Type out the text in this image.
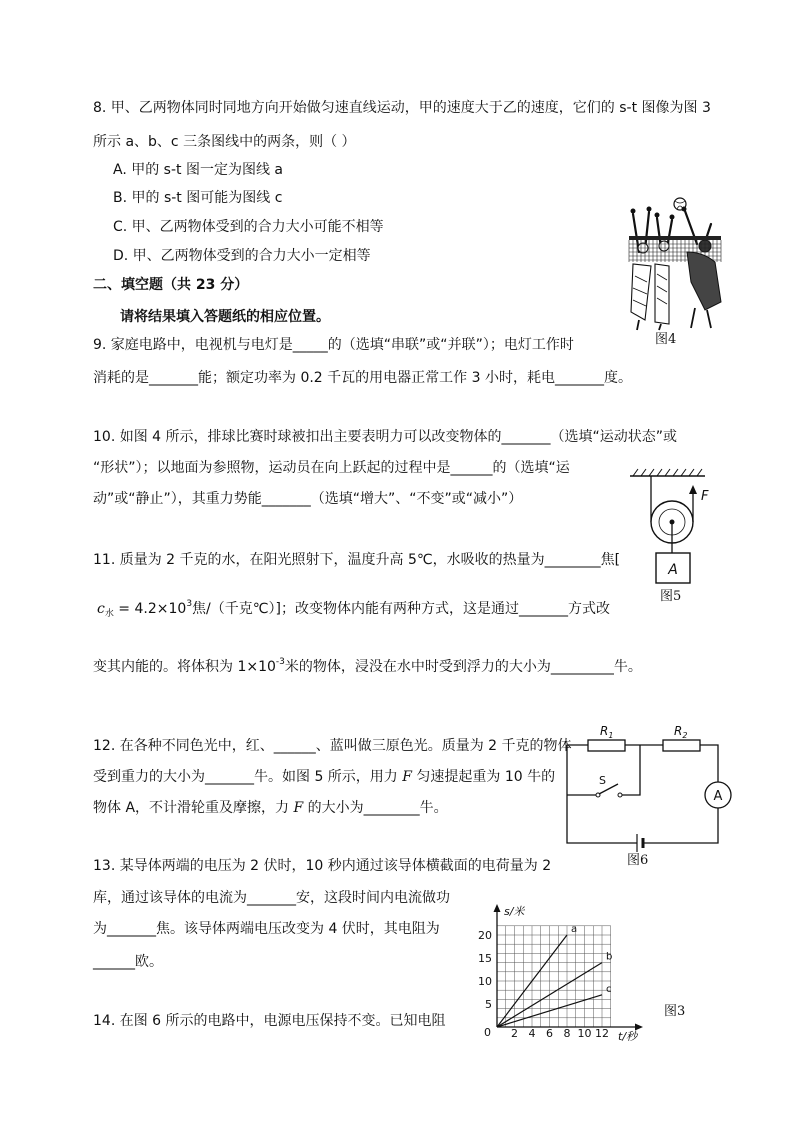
8. 甲、乙两物体同时同地方向开始做匀速直线运动，甲的速度大于乙的速度，它们的 s-t 图像为图 3
所示 a、b、c 三条图线中的两条，则（ ）
A. 甲的 s-t 图一定为图线 a
B. 甲的 s-t 图可能为图线 c
C. 甲、乙两物体受到的合力大小可能不相等
D. 甲、乙两物体受到的合力大小一定相等
二、填空题（共 23 分）
请将结果填入答题纸的相应位置。
9. 家庭电路中，电视机与电灯是_____的（选填“串联”或“并联”）；电灯工作时
消耗的是_______能；额定功率为 0.2 千瓦的用电器正常工作 3 小时，耗电_______度。
10. 如图 4 所示，排球比赛时球被扣出主要表明力可以改变物体的_______（选填“运动状态”或
“形状”）；以地面为参照物，运动员在向上跃起的过程中是______的（选填“运
动”或“静止”），其重力势能_______（选填“增大”、“不变”或“减小”）
11. 质量为 2 千克的水，在阳光照射下，温度升高 5℃，水吸收的热量为________焦[
$c_水 = 4.2\times 10^3$焦/（千克℃）]；改变物体内能有两种方式，这是通过_______方式改
变其内能的。将体积为 $1\times 10^{-3}$米的物体，浸没在水中时受到浮力的大小为_________牛。
12. 在各种不同色光中，红、______、蓝叫做三原色光。质量为 2 千克的物体
受到重力的大小为_______牛。如图 5 所示，用力 F 匀速提起重为 10 牛的
物体 A，不计滑轮重及摩擦，力 F 的大小为________牛。
13. 某导体两端的电压为 2 伏时，10 秒内通过该导体横截面的电荷量为 2
库，通过该导体的电流为_______安，这段时间内电流做功
为_______焦。该导体两端电压改变为 4 伏时，其电阻为
______欧。
14. 在图 6 所示的电路中，电源电压保持不变。已知电阻
图4
F
A
图5
$R_1$	$R_2$
A
S
图6
s/米
t/秒
2 4 6 8 10 12
5
10
15
20
0
a
b
c
图3
